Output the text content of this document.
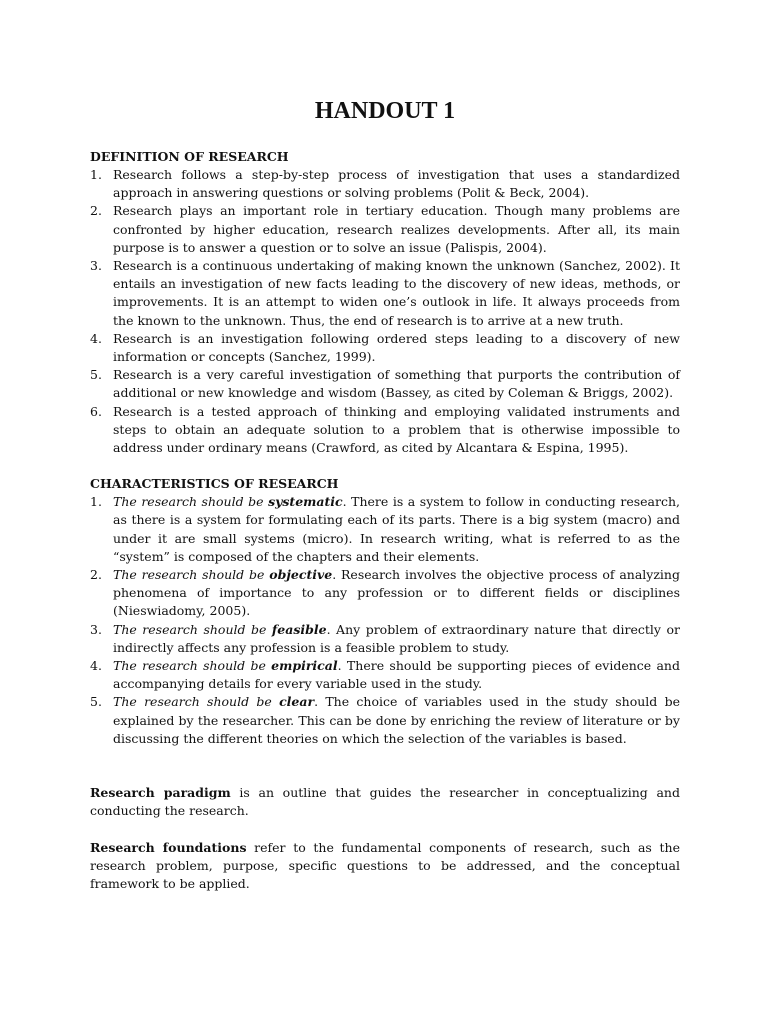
HANDOUT 1
DEFINITION OF RESEARCH
1. Research follows a step-by-step process of investigation that uses a standardized approach in answering questions or solving problems (Polit & Beck, 2004).
2. Research plays an important role in tertiary education. Though many problems are confronted by higher education, research realizes developments. After all, its main purpose is to answer a question or to solve an issue (Palispis, 2004).
3. Research is a continuous undertaking of making known the unknown (Sanchez, 2002). It entails an investigation of new facts leading to the discovery of new ideas, methods, or improvements. It is an attempt to widen one’s outlook in life. It always proceeds from the known to the unknown. Thus, the end of research is to arrive at a new truth.
4. Research is an investigation following ordered steps leading to a discovery of new information or concepts (Sanchez, 1999).
5. Research is a very careful investigation of something that purports the contribution of additional or new knowledge and wisdom (Bassey, as cited by Coleman & Briggs, 2002).
6. Research is a tested approach of thinking and employing validated instruments and steps to obtain an adequate solution to a problem that is otherwise impossible to address under ordinary means (Crawford, as cited by Alcantara & Espina, 1995).
CHARACTERISTICS OF RESEARCH
1. The research should be systematic. There is a system to follow in conducting research, as there is a system for formulating each of its parts. There is a big system (macro) and under it are small systems (micro). In research writing, what is referred to as the “system” is composed of the chapters and their elements.
2. The research should be objective. Research involves the objective process of analyzing phenomena of importance to any profession or to different fields or disciplines (Nieswiadomy, 2005).
3. The research should be feasible. Any problem of extraordinary nature that directly or indirectly affects any profession is a feasible problem to study.
4. The research should be empirical. There should be supporting pieces of evidence and accompanying details for every variable used in the study.
5. The research should be clear. The choice of variables used in the study should be explained by the researcher. This can be done by enriching the review of literature or by discussing the different theories on which the selection of the variables is based.

Research paradigm is an outline that guides the researcher in conceptualizing and conducting the research.

Research foundations refer to the fundamental components of research, such as the research problem, purpose, specific questions to be addressed, and the conceptual framework to be applied.
